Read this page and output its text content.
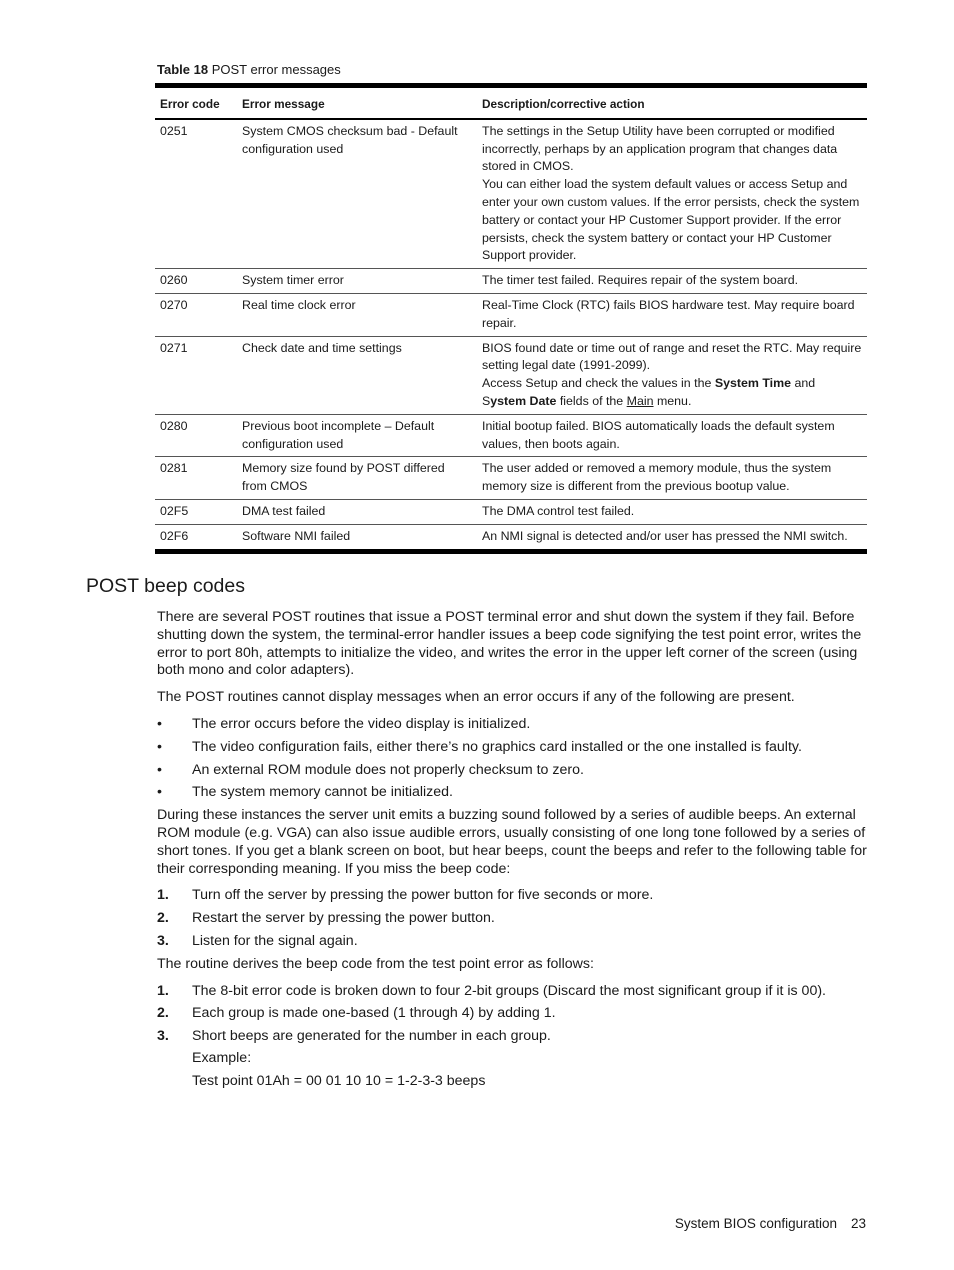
Table 18 POST error messages
Error code	Error message	Description/corrective action
0251	System CMOS checksum bad - Default configuration used	The settings in the Setup Utility have been corrupted or modified incorrectly, perhaps by an application program that changes data stored in CMOS.

You can either load the system default values or access Setup and enter your own custom values. If the error persists, check the system battery or contact your HP Customer Support provider. If the error persists, check the system battery or contact your HP Customer Support provider.

0260	System timer error	The timer test failed. Requires repair of the system board.

0270	Real time clock error	Real-Time Clock (RTC) fails BIOS hardware test. May require board repair.

0271	Check date and time settings	BIOS found date or time out of range and reset the RTC. May require setting legal date (1991-2099).

Access Setup and check the values in the System Time and System Date fields of the Main menu.

0280	Previous boot incomplete – Default configuration used	Initial bootup failed. BIOS automatically loads the default system values, then boots again.

0281	Memory size found by POST differed from CMOS	The user added or removed a memory module, thus the system memory size is different from the previous bootup value.

02F5	DMA test failed	The DMA control test failed.

02F6	Software NMI failed	An NMI signal is detected and/or user has pressed the NMI switch.

POST beep codes

There are several POST routines that issue a POST terminal error and shut down the system if they fail. Before shutting down the system, the terminal-error handler issues a beep code signifying the test point error, writes the error to port 80h, attempts to initialize the video, and writes the error in the upper left corner of the screen (using both mono and color adapters).

The POST routines cannot display messages when an error occurs if any of the following are present.

• The error occurs before the video display is initialized.
• The video configuration fails, either there’s no graphics card installed or the one installed is faulty.
• An external ROM module does not properly checksum to zero.
• The system memory cannot be initialized.

During these instances the server unit emits a buzzing sound followed by a series of audible beeps. An external ROM module (e.g. VGA) can also issue audible errors, usually consisting of one long tone followed by a series of short tones. If you get a blank screen on boot, but hear beeps, count the beeps and refer to the following table for their corresponding meaning. If you miss the beep code:

1. Turn off the server by pressing the power button for five seconds or more.
2. Restart the server by pressing the power button.
3. Listen for the signal again.

The routine derives the beep code from the test point error as follows:

1. The 8-bit error code is broken down to four 2-bit groups (Discard the most significant group if it is 00).
2. Each group is made one-based (1 through 4) by adding 1.
3. Short beeps are generated for the number in each group.
Example:
Test point 01Ah = 00 01 10 10 = 1-2-3-3 beeps
System BIOS configuration 23
